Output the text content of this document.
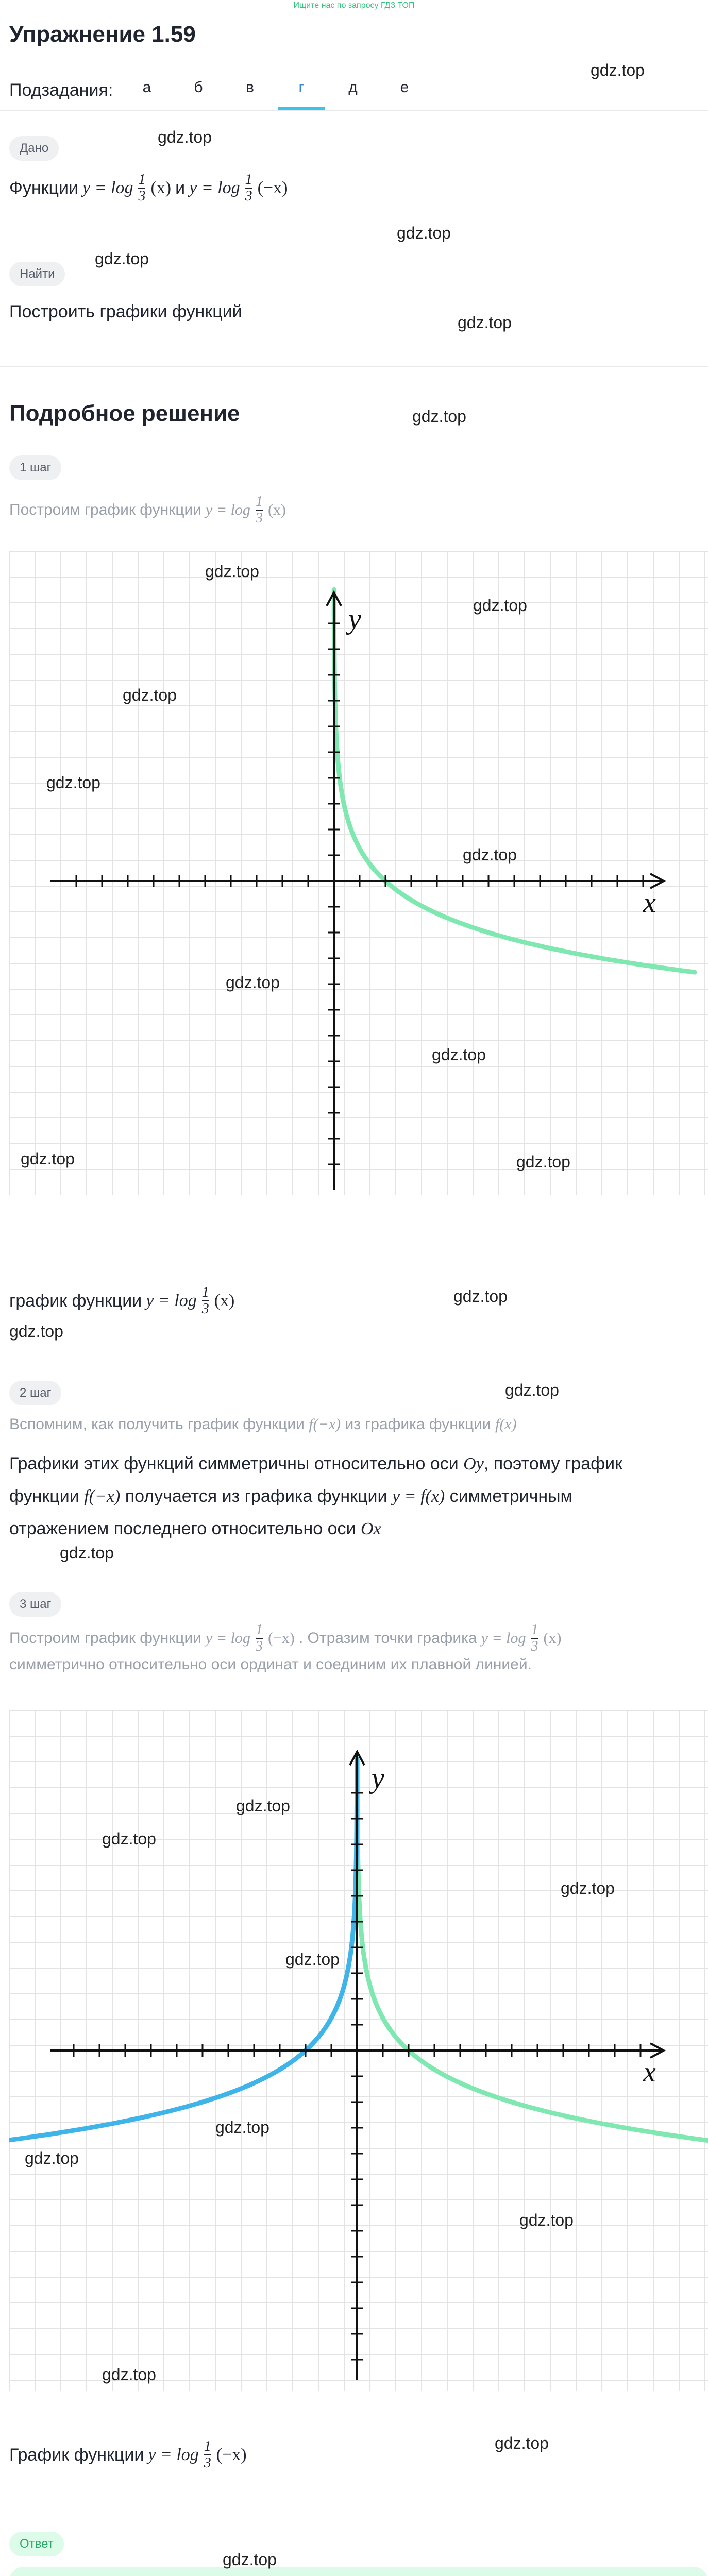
Ищите нас по запросу ГДЗ ТОП
Упражнение 1.59
Подзадания:	а	б	в	г	д	е
Дано
Функции $y = \log \frac{1}{3} (x)$ и $y = \log \frac{1}{3} (-x)$
Найти
Построить графики функций
Подробное решение
1 шаг
Построим график функции $y = \log \frac{1}{3} (x)$
x
y
gdz.top
gdz.top
gdz.top
gdz.top
gdz.top
gdz.top
gdz.top
gdz.top	gdz.top
график функции $y = \log \frac{1}{3} (x)$
2 шаг
Вспомним, как получить график функции f(−x) из графика функции f(x)
Графики этих функций симметричны относительно оси Oy, поэтому график
функции f(−x) получается из графика функции y = f(x) симметричным
отражением последнего относительно оси Ox
3 шаг
Построим график функции $y = \log \frac{1}{3} (-x)$ . Отразим точки графика $y = \log \frac{1}{3} (x)$
симметрично относительно оси ординат и соединим их плавной линией.
x
y
gdz.top
gdz.top
gdz.top
gdz.top
gdz.top
gdz.top
gdz.top
gdz.top
График функции $y = \log \frac{1}{3} (-x)$
Ответ
gdz.top
gdz.top
gdz.top
gdz.top
gdz.top
gdz.top
gdz.top
gdz.top
gdz.top
gdz.top
gdz.top
gdz.top
